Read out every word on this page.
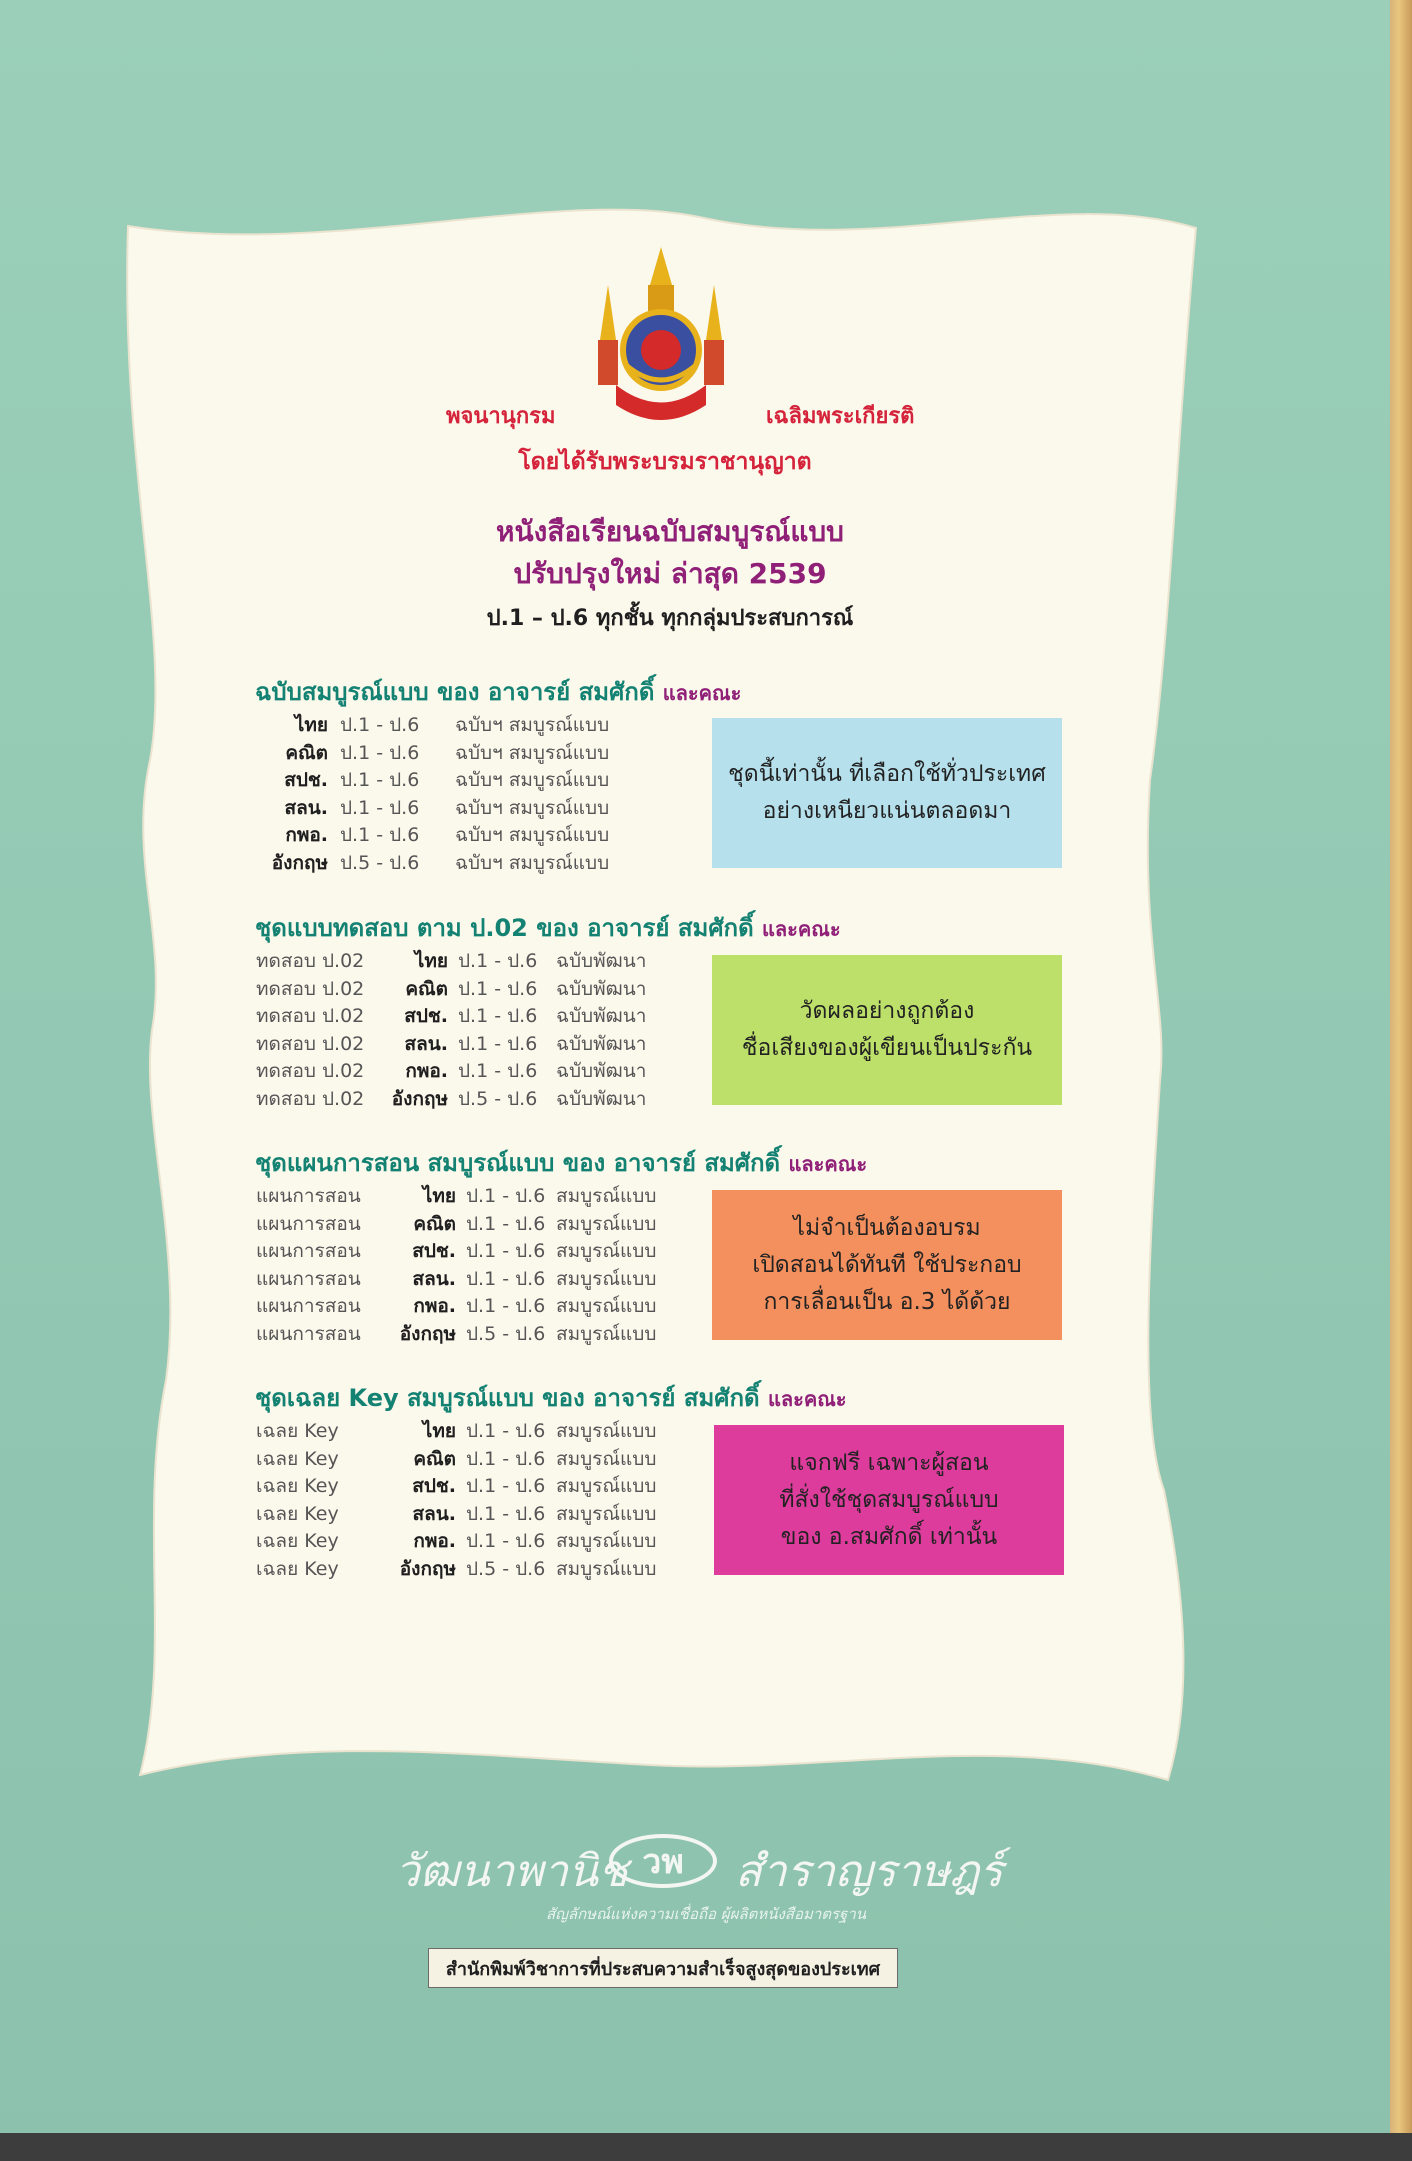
พจนานุกรม	เฉลิมพระเกียรติ

โดยได้รับพระบรมราชานุญาต

หนังสือเรียนฉบับสมบูรณ์แบบ

ปรับปรุงใหม่ ล่าสุด 2539

ป.1 – ป.6 ทุกชั้น ทุกกลุ่มประสบการณ์

ฉบับสมบูรณ์แบบ ของ อาจารย์ สมศักดิ์ และคณะ

ไทย ป.1 - ป.6	ฉบับฯ สมบูรณ์แบบ
คณิต ป.1 - ป.6	ฉบับฯ สมบูรณ์แบบ
สปช. ป.1 - ป.6	ฉบับฯ สมบูรณ์แบบ
สลน. ป.1 - ป.6	ฉบับฯ สมบูรณ์แบบ
กพอ. ป.1 - ป.6	ฉบับฯ สมบูรณ์แบบ
อังกฤษ ป.5 - ป.6	ฉบับฯ สมบูรณ์แบบ
ชุดนี้เท่านั้น ที่เลือกใช้ทั่วประเทศ
อย่างเหนียวแน่นตลอดมา

ชุดแบบทดสอบ ตาม ป.02 ของ อาจารย์ สมศักดิ์ และคณะ

ทดสอบ ป.02	ไทย ป.1 - ป.6 ฉบับพัฒนา
ทดสอบ ป.02	คณิต ป.1 - ป.6 ฉบับพัฒนา
ทดสอบ ป.02	สปช. ป.1 - ป.6 ฉบับพัฒนา
ทดสอบ ป.02	สลน. ป.1 - ป.6 ฉบับพัฒนา
ทดสอบ ป.02	กพอ. ป.1 - ป.6 ฉบับพัฒนา
ทดสอบ ป.02	อังกฤษ ป.5 - ป.6 ฉบับพัฒนา
วัดผลอย่างถูกต้อง
ชื่อเสียงของผู้เขียนเป็นประกัน

ชุดแผนการสอน สมบูรณ์แบบ ของ อาจารย์ สมศักดิ์ และคณะ

แผนการสอน	ไทย ป.1 - ป.6 สมบูรณ์แบบ
แผนการสอน	คณิต ป.1 - ป.6 สมบูรณ์แบบ
แผนการสอน	สปช. ป.1 - ป.6 สมบูรณ์แบบ
แผนการสอน	สลน. ป.1 - ป.6 สมบูรณ์แบบ
แผนการสอน	กพอ. ป.1 - ป.6 สมบูรณ์แบบ
แผนการสอน	อังกฤษ ป.5 - ป.6 สมบูรณ์แบบ
ไม่จำเป็นต้องอบรม
เปิดสอนได้ทันที ใช้ประกอบ
การเลื่อนเป็น อ.3 ได้ด้วย

ชุดเฉลย Key สมบูรณ์แบบ ของ อาจารย์ สมศักดิ์ และคณะ

เฉลย Key	ไทย ป.1 - ป.6 สมบูรณ์แบบ
เฉลย Key	คณิต ป.1 - ป.6 สมบูรณ์แบบ
เฉลย Key	สปช. ป.1 - ป.6 สมบูรณ์แบบ
เฉลย Key	สลน. ป.1 - ป.6 สมบูรณ์แบบ
เฉลย Key	กพอ. ป.1 - ป.6 สมบูรณ์แบบ
เฉลย Key	อังกฤษ ป.5 - ป.6 สมบูรณ์แบบ
แจกฟรี เฉพาะผู้สอน
ที่สั่งใช้ชุดสมบูรณ์แบบ
ของ อ.สมศักดิ์ เท่านั้น
วัฒนาพานิช วพ สำราญราษฎร์
สัญลักษณ์แห่งความเชื่อถือ ผู้ผลิตหนังสือมาตรฐาน
สำนักพิมพ์วิชาการที่ประสบความสำเร็จสูงสุดของประเทศ
